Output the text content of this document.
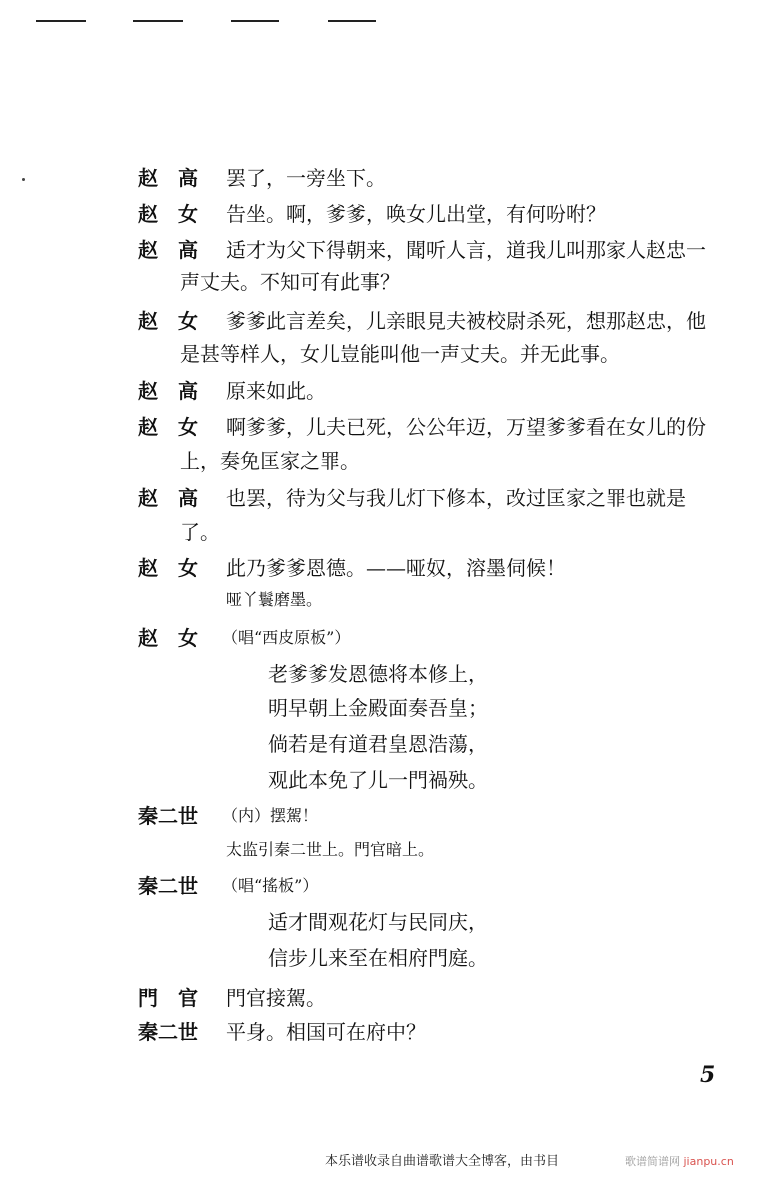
赵　高 罢了，一旁坐下。
赵　女 告坐。啊，爹爹，唤女儿出堂，有何吩咐？
赵　高 适才为父下得朝来，聞听人言，道我儿叫那家人赵忠一
声丈夫。不知可有此事？
赵　女 爹爹此言差矣，儿亲眼見夫被校尉杀死，想那赵忠，他
是甚等样人，女儿豈能叫他一声丈夫。并无此事。
赵　高 原来如此。
赵　女 啊爹爹，儿夫已死，公公年迈，万望爹爹看在女儿的份
上，奏免匡家之罪。
赵　高 也罢，待为父与我儿灯下修本，改过匡家之罪也就是
了。
赵　女 此乃爹爹恩德。——哑奴，溶墨伺候！
哑丫鬟磨墨。
赵　女 （唱“西皮原板”）
老爹爹发恩德将本修上，
明早朝上金殿面奏吾皇；
倘若是有道君皇恩浩蕩，
观此本免了儿一門禍殃。
秦二世 （内）摆駕！
太监引秦二世上。門官暗上。
秦二世 （唱“搖板”）
适才間观花灯与民同庆，
信步儿来至在相府門庭。
門　官 門官接駕。
秦二世 平身。相国可在府中？
5
本乐谱收录自曲谱歌谱大全博客，由书目	歌谱简谱网 jianpu.cn
